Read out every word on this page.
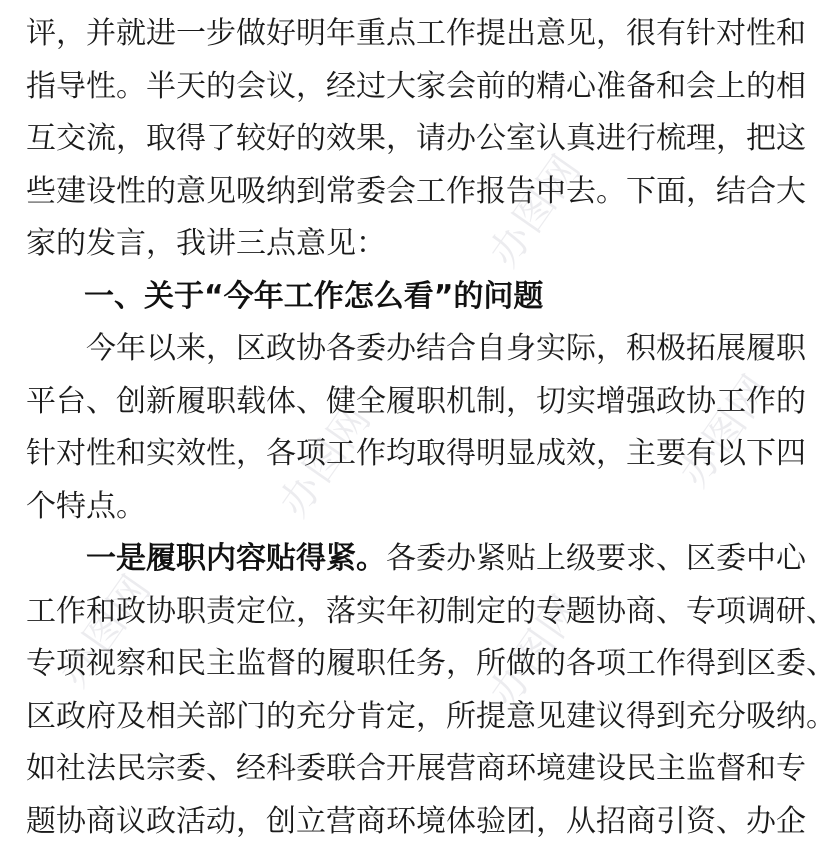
办图网
办图网
办图网	办图网
办图网
评，并就进一步做好明年重点工作提出意见，很有针对性和
指导性。半天的会议，经过大家会前的精心准备和会上的相
互交流，取得了较好的效果，请办公室认真进行梳理，把这
些建设性的意见吸纳到常委会工作报告中去。下面，结合大
家的发言，我讲三点意见：
一、关于“今年工作怎么看”的问题
今年以来，区政协各委办结合自身实际，积极拓展履职
平台、创新履职载体、健全履职机制，切实增强政协工作的
针对性和实效性，各项工作均取得明显成效，主要有以下四
个特点。
一是履职内容贴得紧。各委办紧贴上级要求、区委中心
工作和政协职责定位，落实年初制定的专题协商、专项调研、
专项视察和民主监督的履职任务，所做的各项工作得到区委、
区政府及相关部门的充分肯定，所提意见建议得到充分吸纳。
如社法民宗委、经科委联合开展营商环境建设民主监督和专
题协商议政活动，创立营商环境体验团，从招商引资、办企
